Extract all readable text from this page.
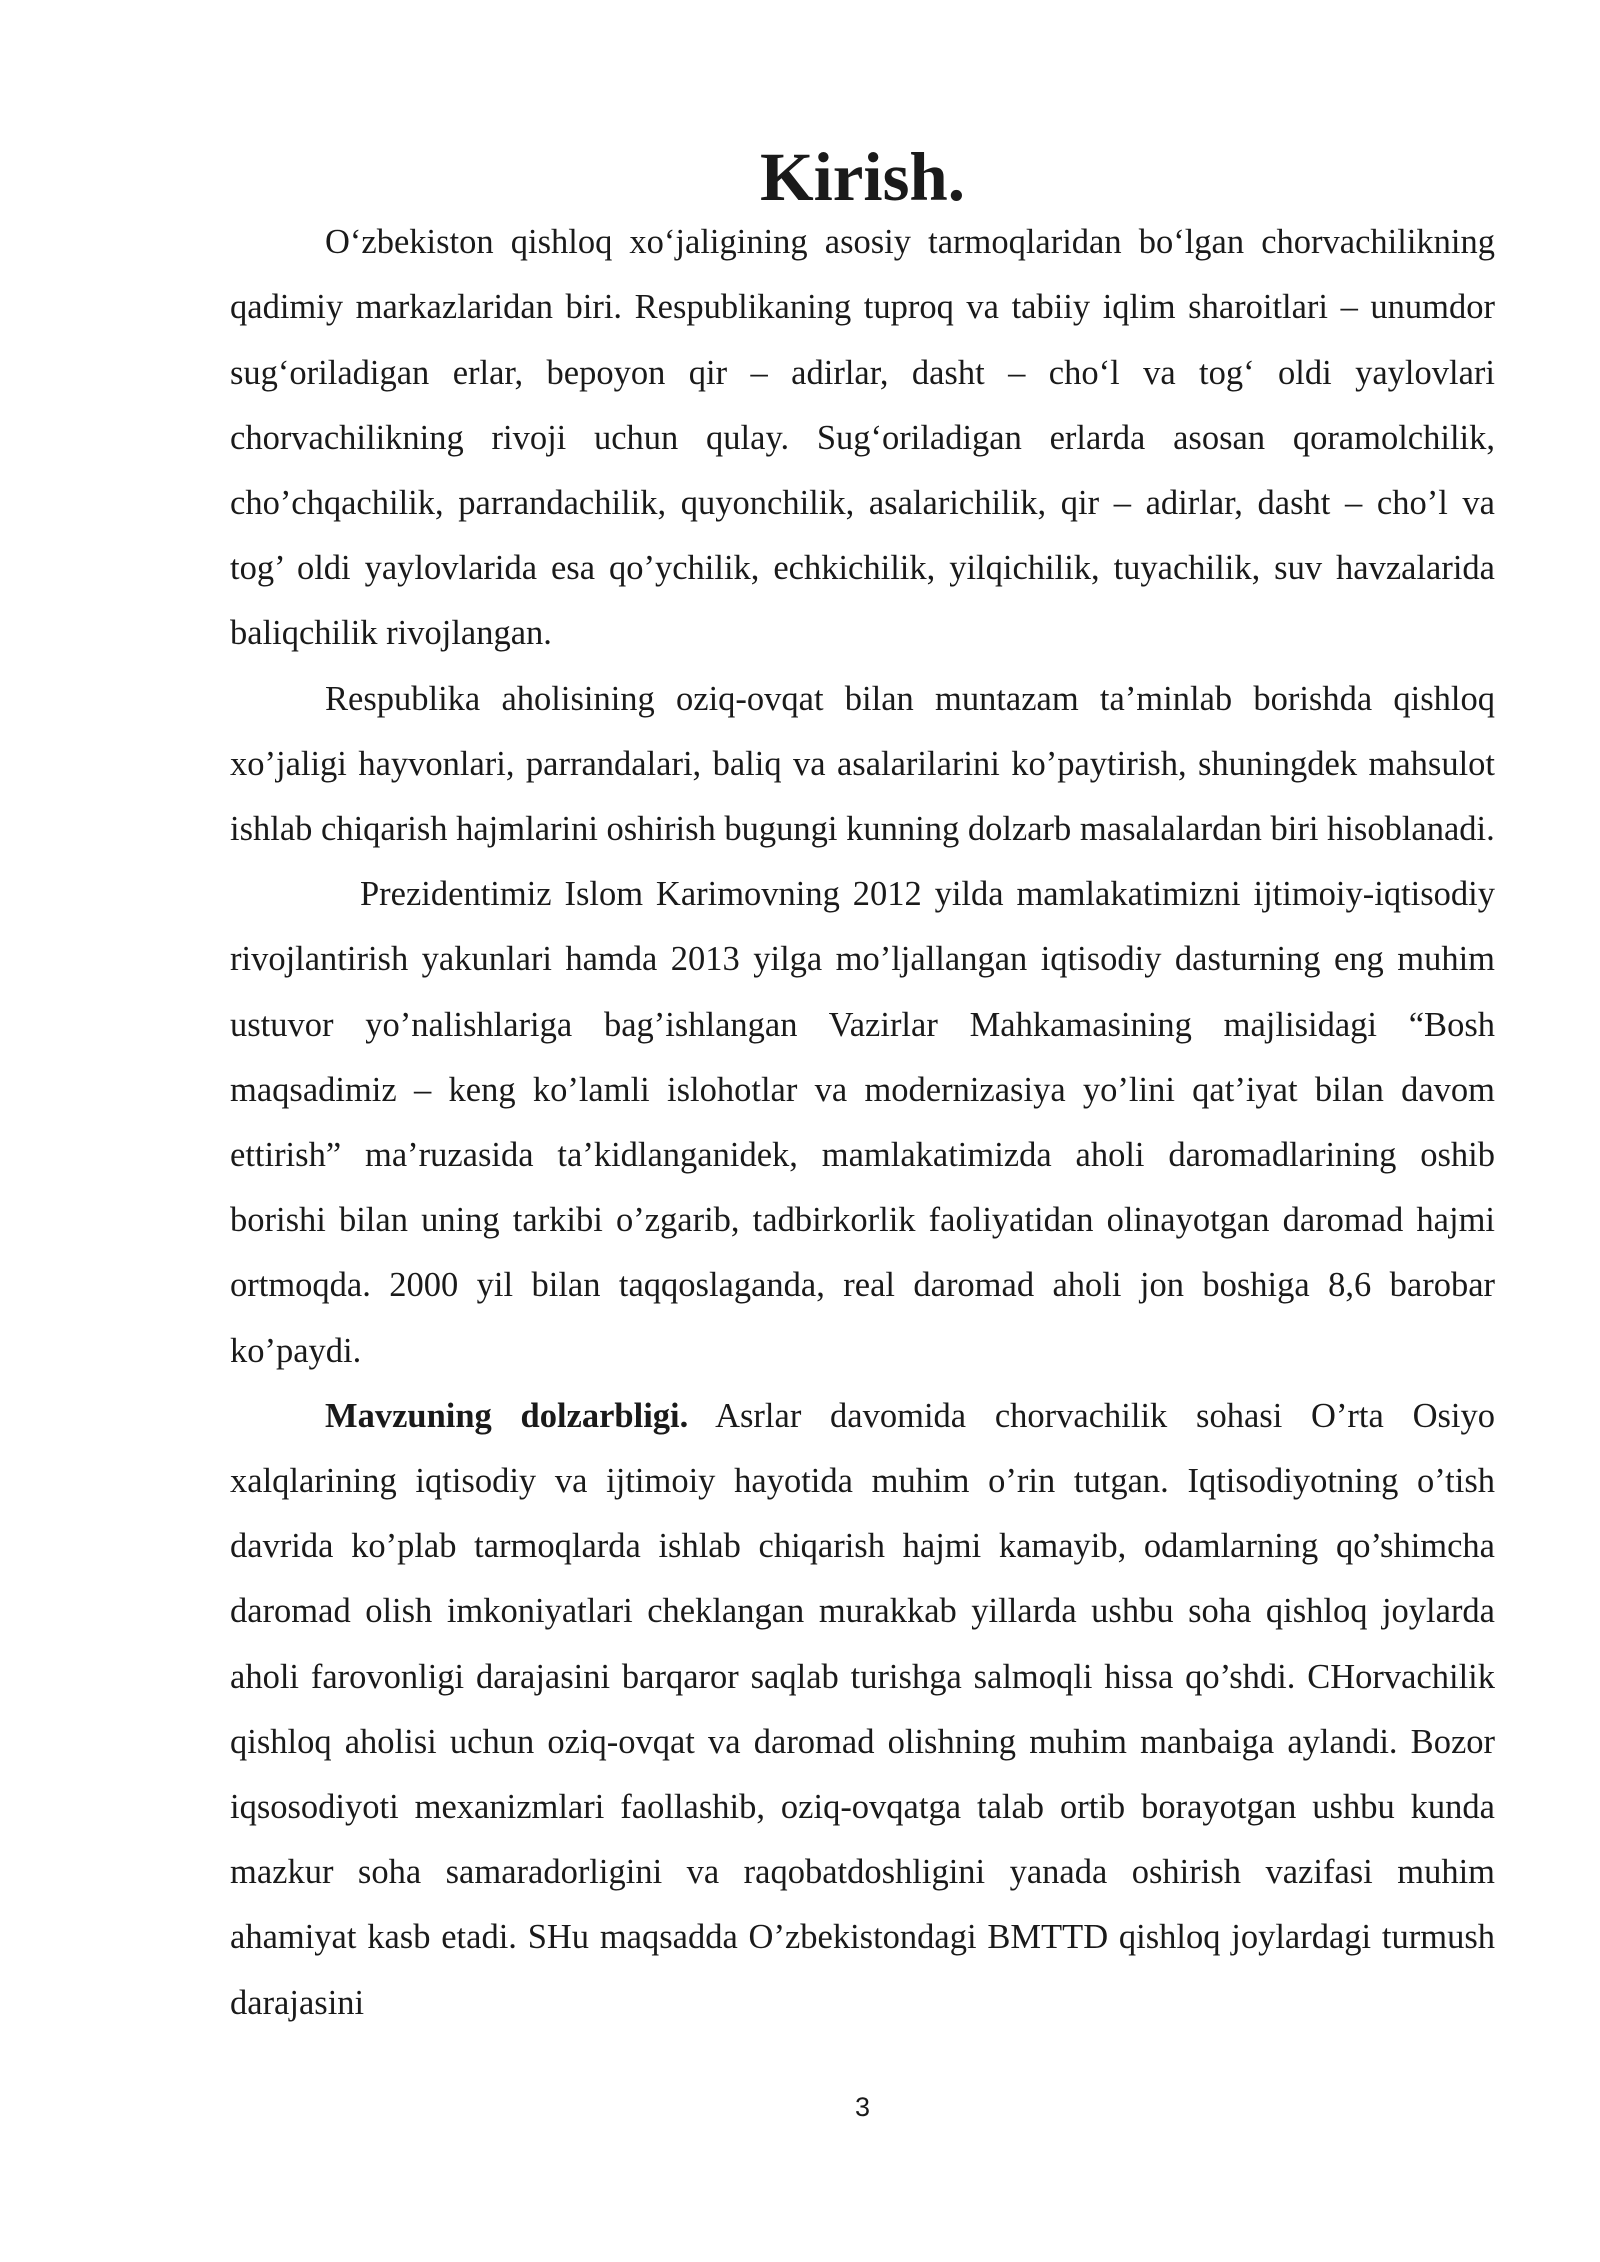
Kirish.

O‘zbekiston qishloq xo‘jaligining asosiy tarmoqlaridan bo‘lgan chorvachilikning qadimiy markazlaridan biri. Respublikaning tuproq va tabiiy iqlim sharoitlari – unumdor sug‘oriladigan erlar, bepoyon qir – adirlar, dasht – cho‘l va tog‘ oldi yaylovlari chorvachilikning rivoji uchun qulay. Sug‘oriladigan erlarda asosan qoramolchilik, cho’chqachilik, parrandachilik, quyonchilik, asalarichilik, qir – adirlar, dasht – cho’l va tog’ oldi yaylovlarida esa qo’ychilik, echkichilik, yilqichilik, tuyachilik, suv havzalarida baliqchilik rivojlangan.

Respublika aholisining oziq-ovqat bilan muntazam ta’minlab borishda qishloq xo’jaligi hayvonlari, parrandalari, baliq va asalarilarini ko’paytirish, shuningdek mahsulot ishlab chiqarish hajmlarini oshirish bugungi kunning dolzarb masalalardan biri hisoblanadi.

Prezidentimiz Islom Karimovning 2012 yilda mamlakatimizni ijtimoiy-iqtisodiy rivojlantirish yakunlari hamda 2013 yilga mo’ljallangan iqtisodiy dasturning eng muhim ustuvor yo’nalishlariga bag’ishlangan Vazirlar Mahkamasining majlisidagi “Bosh maqsadimiz – keng ko’lamli islohotlar va modernizasiya yo’lini qat’iyat bilan davom ettirish” ma’ruzasida ta’kidlanganidek, mamlakatimizda aholi daromadlarining oshib borishi bilan uning tarkibi o’zgarib, tadbirkorlik faoliyatidan olinayotgan daromad hajmi ortmoqda. 2000 yil bilan taqqoslaganda, real daromad aholi jon boshiga 8,6 barobar ko’paydi.

Mavzuning dolzarbligi. Asrlar davomida chorvachilik sohasi O’rta Osiyo xalqlarining iqtisodiy va ijtimoiy hayotida muhim o’rin tutgan. Iqtisodiyotning o’tish davrida ko’plab tarmoqlarda ishlab chiqarish hajmi kamayib, odamlarning qo’shimcha daromad olish imkoniyatlari cheklangan murakkab yillarda ushbu soha qishloq joylarda aholi farovonligi darajasini barqaror saqlab turishga salmoqli hissa qo’shdi. CHorvachilik qishloq aholisi uchun oziq-ovqat va daromad olishning muhim manbaiga aylandi. Bozor iqsosodiyoti mexanizmlari faollashib, oziq-ovqatga talab ortib borayotgan ushbu kunda mazkur soha samaradorligini va raqobatdoshligini yanada oshirish vazifasi muhim ahamiyat kasb etadi. SHu maqsadda O’zbekistondagi BMTTD qishloq joylardagi turmush darajasini

3
